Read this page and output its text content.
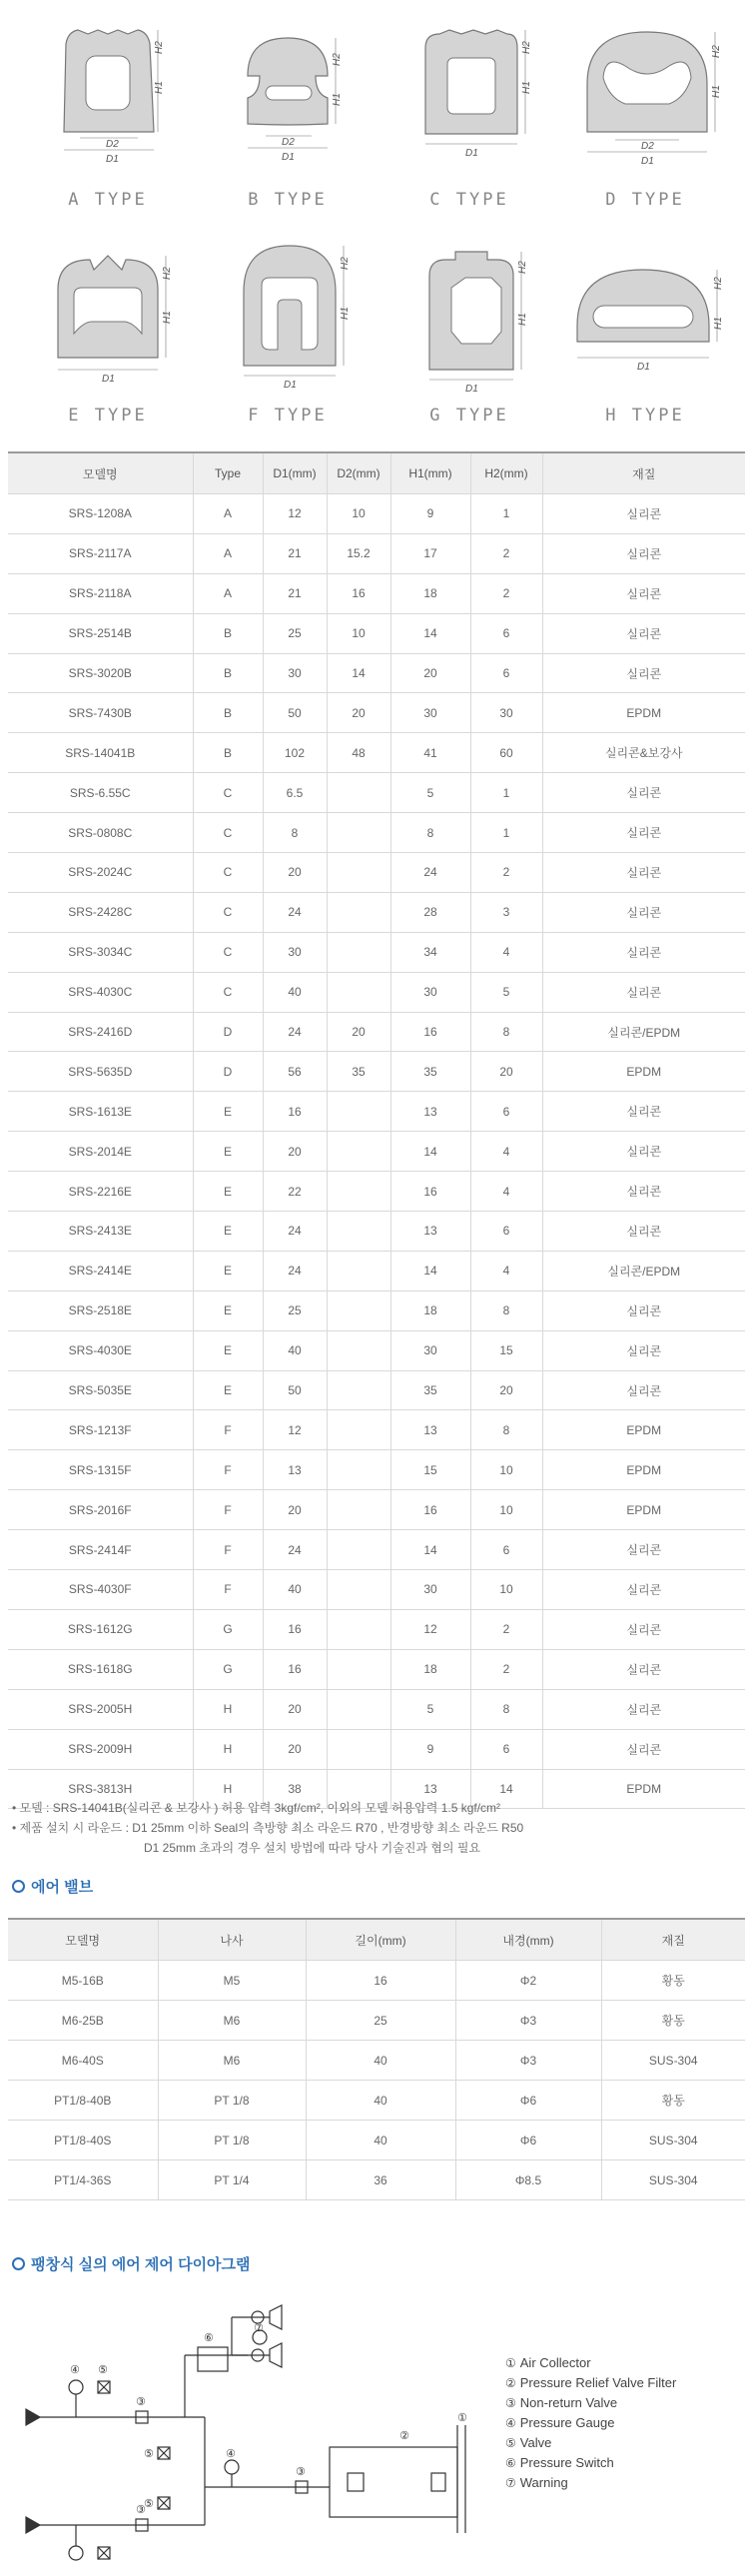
H2
H1
D2
D1
A TYPE
H2
H1
D2
D1
B TYPE
H2
H1
D1
C TYPE
H2
H1
D2
D1
D TYPE
H2
H1
D1
E TYPE
H2
H1
D1
F TYPE
H2
H1
D1
G TYPE
H2
H1
D1
H TYPE
모델명	Type	D1(mm)	D2(mm)	H1(mm)	H2(mm)	재질
SRS-1208A	A	12	10	9	1	실리콘
SRS-2117A	A	21	15.2	17	2	실리콘
SRS-2118A	A	21	16	18	2	실리콘
SRS-2514B	B	25	10	14	6	실리콘
SRS-3020B	B	30	14	20	6	실리콘
SRS-7430B	B	50	20	30	30	EPDM
SRS-14041B	B	102	48	41	60	실리콘&보강사
SRS-6.55C	C	6.5		5	1	실리콘
SRS-0808C	C	8		8	1	실리콘
SRS-2024C	C	20		24	2	실리콘
SRS-2428C	C	24		28	3	실리콘
SRS-3034C	C	30		34	4	실리콘
SRS-4030C	C	40		30	5	실리콘
SRS-2416D	D	24	20	16	8	실리콘/EPDM
SRS-5635D	D	56	35	35	20	EPDM
SRS-1613E	E	16		13	6	실리콘
SRS-2014E	E	20		14	4	실리콘
SRS-2216E	E	22		16	4	실리콘
SRS-2413E	E	24		13	6	실리콘
SRS-2414E	E	24		14	4	실리콘/EPDM
SRS-2518E	E	25		18	8	실리콘
SRS-4030E	E	40		30	15	실리콘
SRS-5035E	E	50		35	20	실리콘
SRS-1213F	F	12		13	8	EPDM
SRS-1315F	F	13		15	10	EPDM
SRS-2016F	F	20		16	10	EPDM
SRS-2414F	F	24		14	6	실리콘
SRS-4030F	F	40		30	10	실리콘
SRS-1612G	G	16		12	2	실리콘
SRS-1618G	G	16		18	2	실리콘
SRS-2005H	H	20		5	8	실리콘
SRS-2009H	H	20		9	6	실리콘
SRS-3813H	H	38		13	14	EPDM
• 모델 : SRS-14041B(실리콘 & 보강사 ) 허용 압력 3kgf/cm², 이외의 모델 허용압력 1.5 kgf/cm²
• 제품 설치 시 라운드 : D1 25mm 이하 Seal의 측방향 최소 라운드 R70 , 반경방향 최소 라운드 R50
D1 25mm 초과의 경우 설치 방법에 따라 당사 기술진과 협의 필요
에어 밸브
모델명	나사	길이(mm)	내경(mm)	재질
M5-16B	M5	16	Φ2	황동
M6-25B	M6	25	Φ3	황동
M6-40S	M6	40	Φ3	SUS-304
PT1/8-40B	PT 1/8	40	Φ6	황동
PT1/8-40S	PT 1/8	40	Φ6	SUS-304
PT1/4-36S	PT 1/4	36	Φ8.5	SUS-304
팽창식 실의 에어 제어 다이아그램
④ ⑤
③
⑥
⑦
④
⑤
⑤
③
③
②
①
① Air Collector
② Pressure Relief Valve Filter
③ Non-return Valve
④ Pressure Gauge
⑤ Valve
⑥ Pressure Switch
⑦ Warning
